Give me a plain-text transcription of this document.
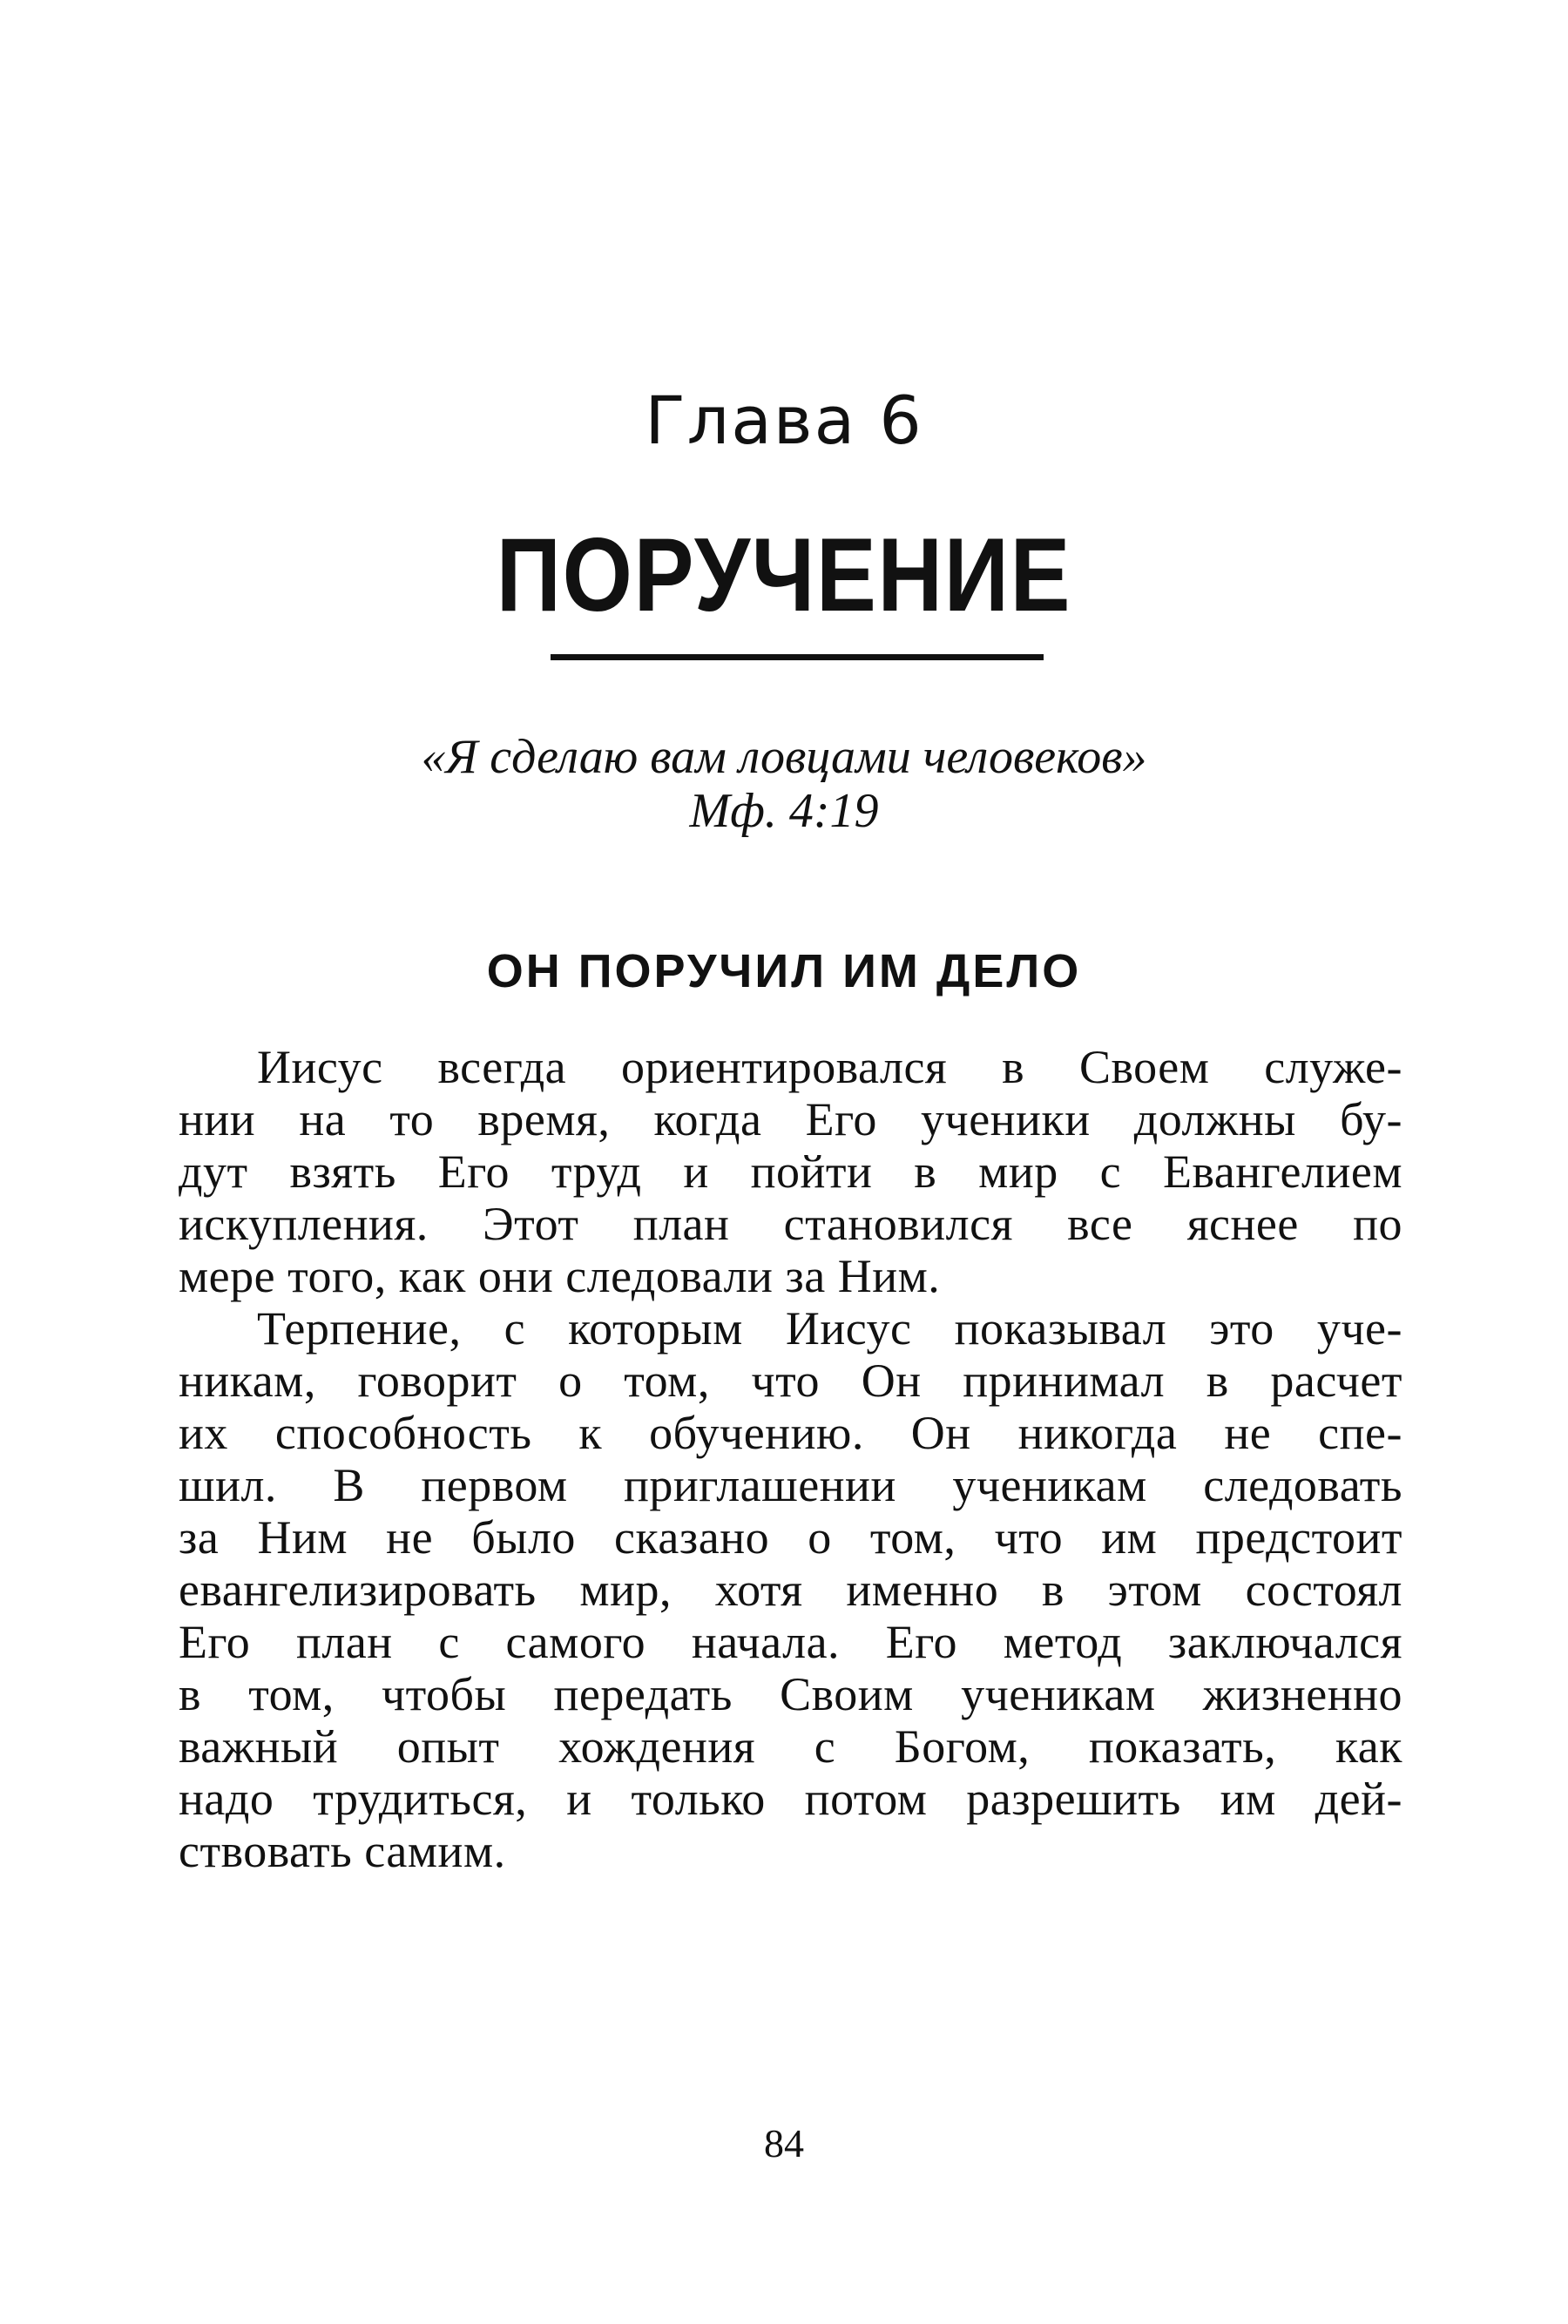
Глава 6
ПОРУЧЕНИЕ
«Я сделаю вам ловцами человеков»
Мф. 4:19
ОН ПОРУЧИЛ ИМ ДЕЛО

Иисус всегда ориентировался в Своем служе-
нии на то время, когда Его ученики должны бу-
дут взять Его труд и пойти в мир с Евангелием
искупления. Этот план становился все яснее по
мере того, как они следовали за Ним.

Терпение, с которым Иисус показывал это уче-
никам, говорит о том, что Он принимал в расчет
их способность к обучению. Он никогда не спе-
шил. В первом приглашении ученикам следовать
за Ним не было сказано о том, что им предстоит
евангелизировать мир, хотя именно в этом состоял
Его план с самого начала. Его метод заключался
в том, чтобы передать Своим ученикам жизненно
важный опыт хождения с Богом, показать, как
надо трудиться, и только потом разрешить им дей-
ствовать самим.

84
